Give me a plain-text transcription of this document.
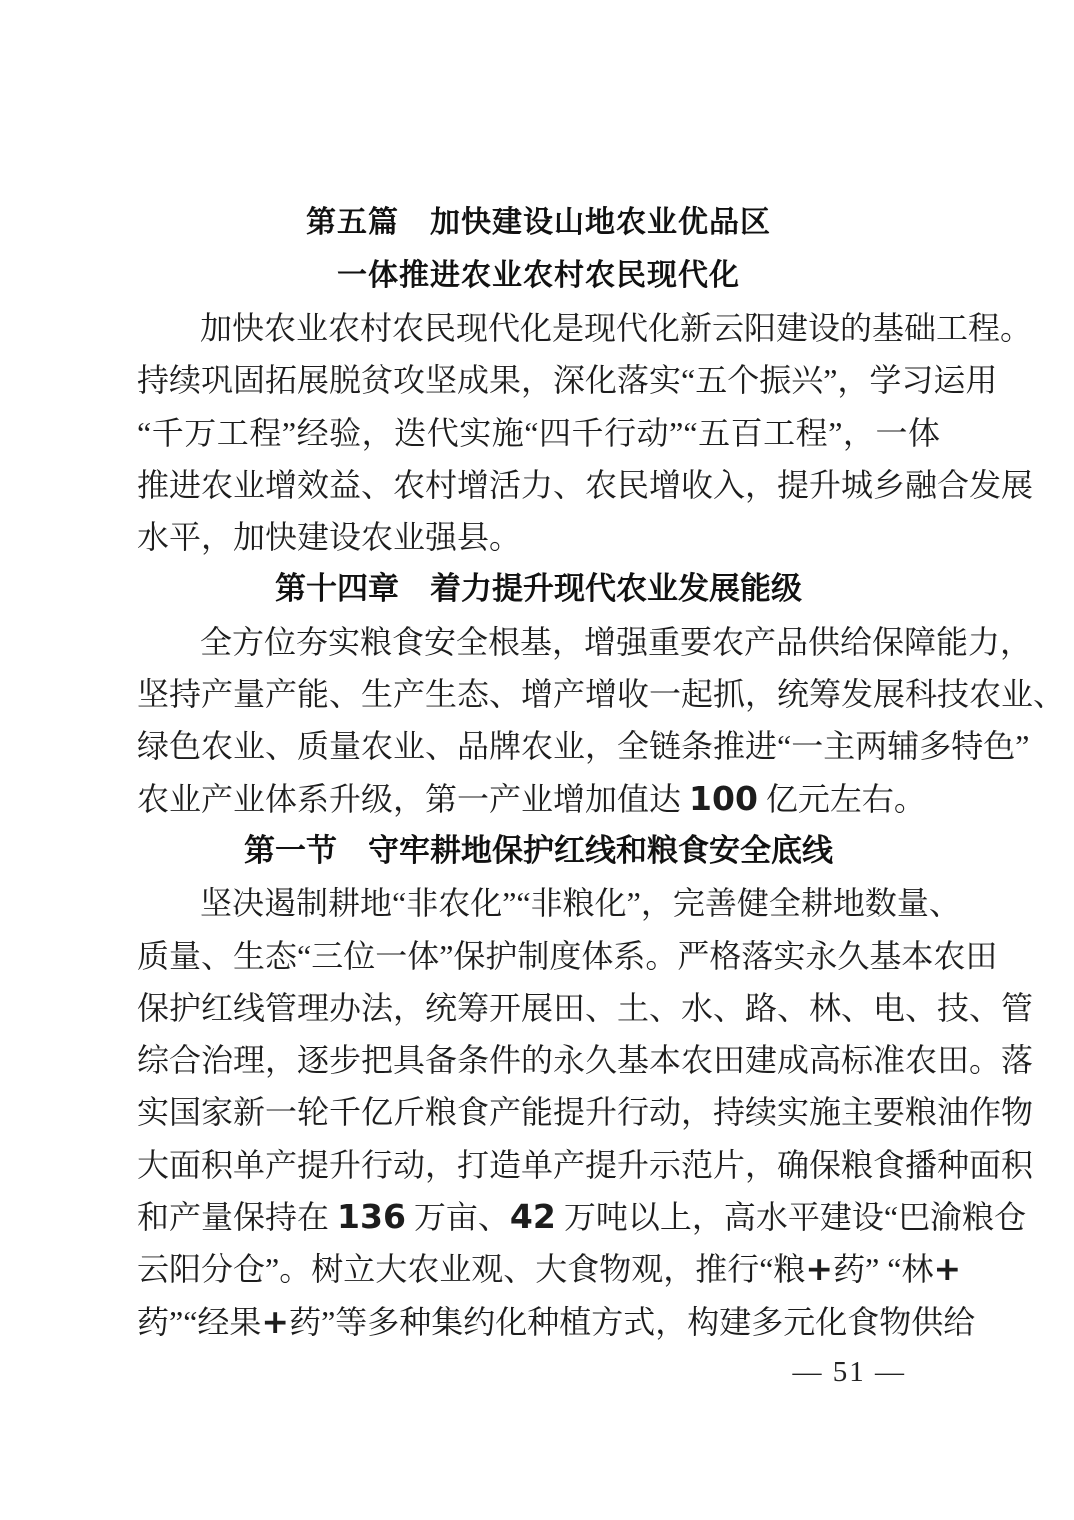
第五篇　加快建设山地农业优品区
一体推进农业农村农民现代化
加快农业农村农民现代化是现代化新云阳建设的基础工程。
持续巩固拓展脱贫攻坚成果，深化落实“五个振兴”，学习运用
“千万工程”经验，迭代实施“四千行动”“五百工程”，一体
推进农业增效益、农村增活力、农民增收入，提升城乡融合发展
水平，加快建设农业强县。
第十四章　着力提升现代农业发展能级
全方位夯实粮食安全根基，增强重要农产品供给保障能力，
坚持产量产能、生产生态、增产增收一起抓，统筹发展科技农业、
绿色农业、质量农业、品牌农业，全链条推进“一主两辅多特色”
农业产业体系升级，第一产业增加值达 100 亿元左右。
第一节　守牢耕地保护红线和粮食安全底线
坚决遏制耕地“非农化”“非粮化”，完善健全耕地数量、
质量、生态“三位一体”保护制度体系。严格落实永久基本农田
保护红线管理办法，统筹开展田、土、水、路、林、电、技、管
综合治理，逐步把具备条件的永久基本农田建成高标准农田。落
实国家新一轮千亿斤粮食产能提升行动，持续实施主要粮油作物
大面积单产提升行动，打造单产提升示范片，确保粮食播种面积
和产量保持在 136 万亩、42 万吨以上，高水平建设“巴渝粮仓
云阳分仓”。树立大农业观、大食物观，推行“粮+药” “林+
药”“经果+药”等多种集约化种植方式，构建多元化食物供给
— 51 —
